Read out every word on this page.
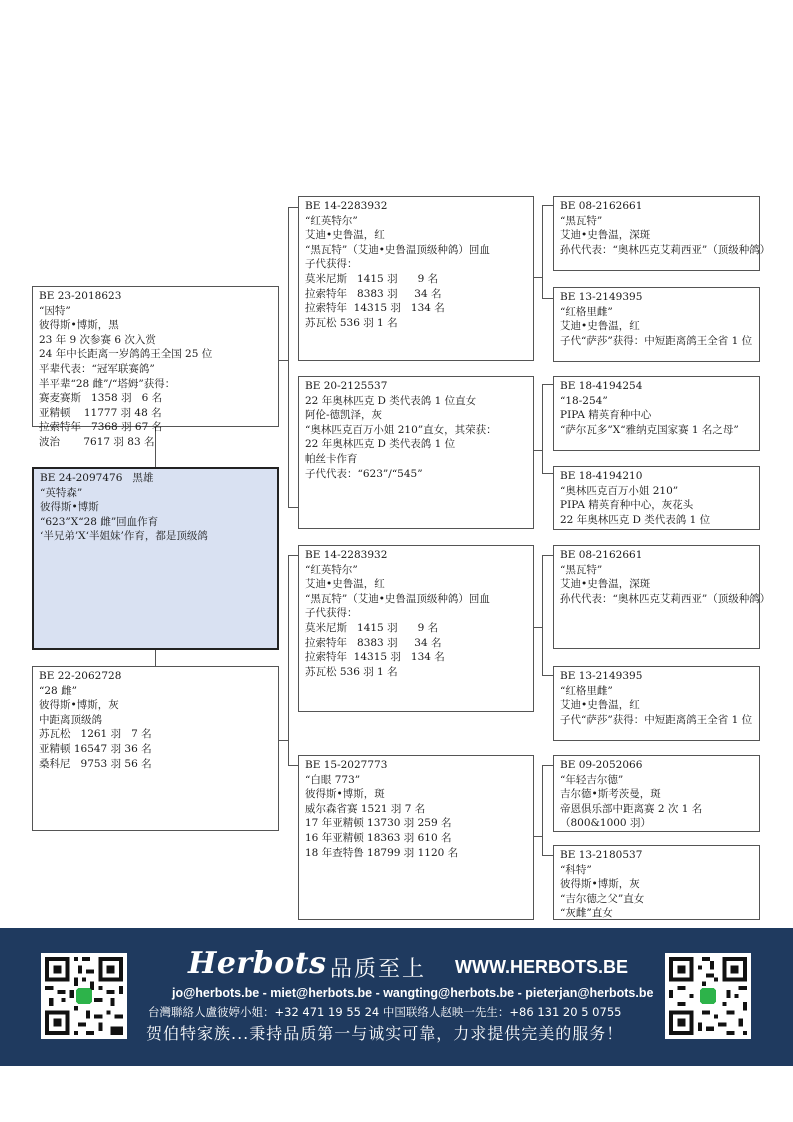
BE 23-2018623
“因特”
彼得斯•博斯，黑
23 年 9 次参赛 6 次入赏
24 年中长距离一岁鸽鸽王全国 25 位
平辈代表：“冠军联赛鸽”
半平辈“28 雌”/“塔姆”获得：
赛麦赛斯   1358 羽   6 名
亚精顿    11777 羽 48 名
拉索特年   7368 羽 67 名
波治       7617 羽 83 名
BE 24-2097476   黑雄
“英特森”
彼得斯•博斯
“623”X“28 雌”回血作育
‘半兄弟’X‘半姐妹’作育，都是顶级鸽
BE 22-2062728
“28 雌”
彼得斯•博斯，灰
中距离顶级鸽
苏瓦松   1261 羽   7 名
亚精顿 16547 羽 36 名
桑科尼   9753 羽 56 名
BE 14-2283932
“红英特尔”
艾迪•史鲁温，红
“黑瓦特”（艾迪•史鲁温顶级种鸽）回血
子代获得：
莫米尼斯   1415 羽      9 名
拉索特年   8383 羽     34 名
拉索特年  14315 羽   134 名
苏瓦松 536 羽 1 名
BE 20-2125537
22 年奥林匹克 D 类代表鸽 1 位直女
阿伦-德凯泽，灰
“奥林匹克百万小姐 210”直女，其荣获：
22 年奥林匹克 D 类代表鸽 1 位
帕丝卡作育
子代代表：“623”/“545”
BE 14-2283932
“红英特尔”
艾迪•史鲁温，红
“黑瓦特”（艾迪•史鲁温顶级种鸽）回血
子代获得：
莫米尼斯   1415 羽      9 名
拉索特年   8383 羽     34 名
拉索特年  14315 羽   134 名
苏瓦松 536 羽 1 名
BE 15-2027773
“白眼 773”
彼得斯•博斯，斑
威尔森省赛 1521 羽 7 名
17 年亚精顿 13730 羽 259 名
16 年亚精顿 18363 羽 610 名
18 年查特鲁 18799 羽 1120 名
BE 08-2162661
“黑瓦特”
艾迪•史鲁温，深斑
孙代代表：“奥林匹克艾莉西亚”（顶级种鸽）
BE 13-2149395
“红格里雌”
艾迪•史鲁温，红
子代“萨莎”获得：中短距离鸽王全省 1 位
BE 18-4194254
“18-254”
PIPA 精英育种中心
“萨尔瓦多”X“雅纳克国家赛 1 名之母”
BE 18-4194210
“奥林匹克百万小姐 210”
PIPA 精英育种中心，灰花头
22 年奥林匹克 D 类代表鸽 1 位
BE 08-2162661
“黑瓦特”
艾迪•史鲁温，深斑
孙代代表：“奥林匹克艾莉西亚”（顶级种鸽）
BE 13-2149395
“红格里雌”
艾迪•史鲁温，红
子代“萨莎”获得：中短距离鸽王全省 1 位
BE 09-2052066
“年轻吉尔德”
吉尔德•斯考茨曼，斑
帝恩俱乐部中距离赛 2 次 1 名
（800&1000 羽）
BE 13-2180537
“科特”
彼得斯•博斯，灰
“吉尔德之父”直女
“灰雌”直女
Herbots 品质至上 WWW.HERBOTS.BE
jo@herbots.be - miet@herbots.be - wangting@herbots.be - pieterjan@herbots.be
台灣聯絡人盧彼婷小姐：+32 471 19 55 24 中国联络人赵映一先生：+86 131 20 5 0755
贺伯特家族...秉持品质第一与诚实可靠，力求提供完美的服务！
